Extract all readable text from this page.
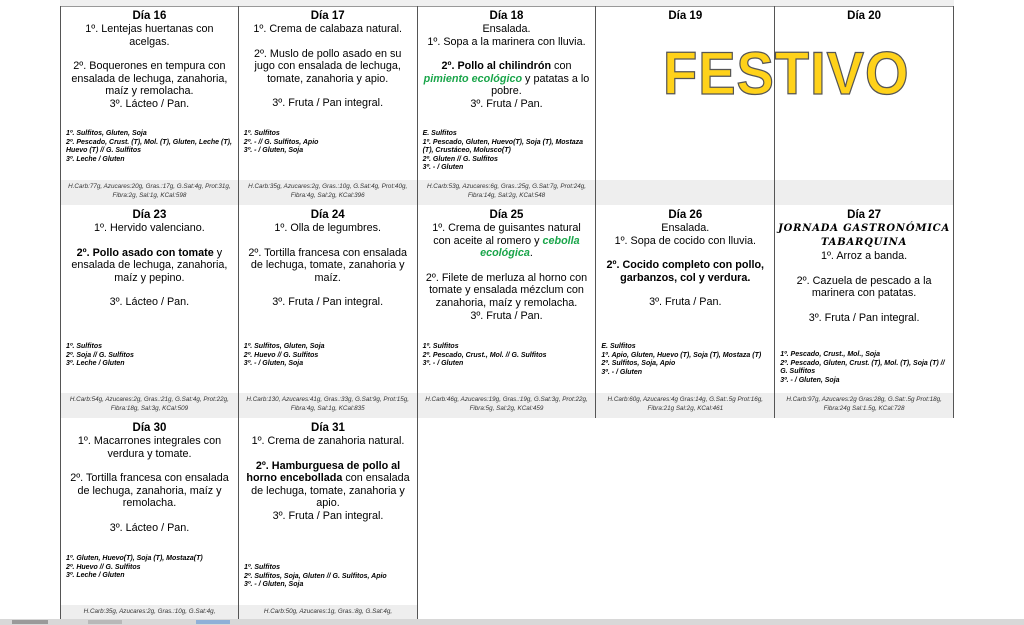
Día 16

1º. Lentejas huertanas con acelgas.

2º. Boquerones en tempura con ensalada de lechuga, zanahoria, maíz y remolacha.

3º. Lácteo / Pan.

1º. Sulfitos, Gluten, Soja
2º. Pescado, Crust. (T), Mol. (T), Gluten, Leche (T), Huevo (T) // G. Sulfitos
3º. Leche / Gluten
H.Carb:77g, Azucares:20g, Gras.:17g, G.Sat:4g, Prot:31g, Fibra:2g, Sal:1g, KCal:598
Día 17

1º. Crema de calabaza natural.

2º. Muslo de pollo asado en su jugo con ensalada de lechuga, tomate, zanahoria y apio.

3º. Fruta / Pan integral.

1º. Sulfitos
2º. - // G. Sulfitos, Apio
3º. - / Gluten, Soja
H.Carb:35g, Azucares:2g, Gras.:10g, G.Sat:4g, Prot:40g, Fibra:4g, Sal:2g, KCal:396
Día 18
Ensalada.

1º. Sopa a la marinera con lluvia.

2º. Pollo al chilindrón con pimiento ecológico y patatas a lo pobre.
3º. Fruta / Pan.
E. Sulfitos
1º. Pescado, Gluten, Huevo(T), Soja (T), Mostaza (T), Crustáceo, Molusco(T)
2º. Gluten // G. Sulfitos
3º. - / Gluten
H.Carb:53g, Azucares:6g, Gras.:25g, G.Sat:7g, Prot:24g, Fibra:14g, Sal:2g, KCal:548
Día 19	Día 20
FESTIVO
Día 23

1º. Hervido valenciano.

2º. Pollo asado con tomate y ensalada de lechuga, zanahoria, maíz y pepino.

3º. Lácteo / Pan.

1º. Sulfitos
2º. Soja // G. Sulfitos
3º. Leche / Gluten
H.Carb:54g, Azucares:2g, Gras.:21g, G.Sat:4g, Prot:22g, Fibra:18g, Sal:3g, KCal:509
Día 24

1º. Olla de legumbres.

2º. Tortilla francesa con ensalada de lechuga, tomate, zanahoria y maíz.

3º. Fruta / Pan integral.

1º. Sulfitos, Gluten, Soja
2º. Huevo // G. Sulfitos
3º. - / Gluten, Soja
H.Carb:130, Azucares:41g, Gras.:33g, G.Sat:9g, Prot:15g, Fibra:4g, Sal:1g, KCal:835
Día 25

1º. Crema de guisantes natural con aceite al romero y cebolla ecológica.

2º. Filete de merluza al horno con tomate y ensalada mézclum con zanahoria, maíz y remolacha.
3º. Fruta / Pan.
1º. Sulfitos
2º. Pescado, Crust., Mol. // G. Sulfitos
3º. - / Gluten
H.Carb:46g, Azucares:19g, Gras.:19g, G.Sat:3g, Prot:22g, Fibra:5g, Sal:2g, KCal:459
Día 26
Ensalada.

1º. Sopa de cocido con lluvia.

2º. Cocido completo con pollo, garbanzos, col y verdura.

3º. Fruta / Pan.

E. Sulfitos
1º. Apio, Gluten, Huevo (T), Soja (T), Mostaza (T)
2º. Sulfitos, Soja, Apio
3º. - / Gluten
H.Carb:60g, Azucares:4g Gras:14g, G.Sat:.5g Prot:16g, Fibra:21g Sal:2g, KCal:461
Día 27
JORNADA GASTRONÓMICA TABARQUINA

1º. Arroz a banda.

2º. Cazuela de pescado a la marinera con patatas.

3º. Fruta / Pan integral.

1º. Pescado, Crust., Mol., Soja
2º. Pescado, Gluten, Crust. (T), Mol. (T), Soja (T) // G. Sulfitos
3º. - / Gluten, Soja
H.Carb:97g, Azucares:2g Gras:28g, G.Sat:.5g Prot:18g, Fibra:24g Sal:1.5g, KCal:728
Día 30

1º. Macarrones integrales con verdura y tomate.

2º. Tortilla francesa con ensalada de lechuga, zanahoria, maíz y remolacha.

3º. Lácteo / Pan.

1º. Gluten, Huevo(T), Soja (T), Mostaza(T)
2º. Huevo // G. Sulfitos
3º. Leche / Gluten
H.Carb:35g, Azucares:2g, Gras.:10g, G.Sat:4g,
Día 31

1º. Crema de zanahoria natural.

2º. Hamburguesa de pollo al horno encebollada con ensalada de lechuga, tomate, zanahoria y apio.
3º. Fruta / Pan integral.
1º. Sulfitos
2º. Sulfitos, Soja, Gluten // G. Sulfitos, Apio
3º. - / Gluten, Soja
H.Carb:50g, Azucares:1g, Gras.:8g, G.Sat:4g,
